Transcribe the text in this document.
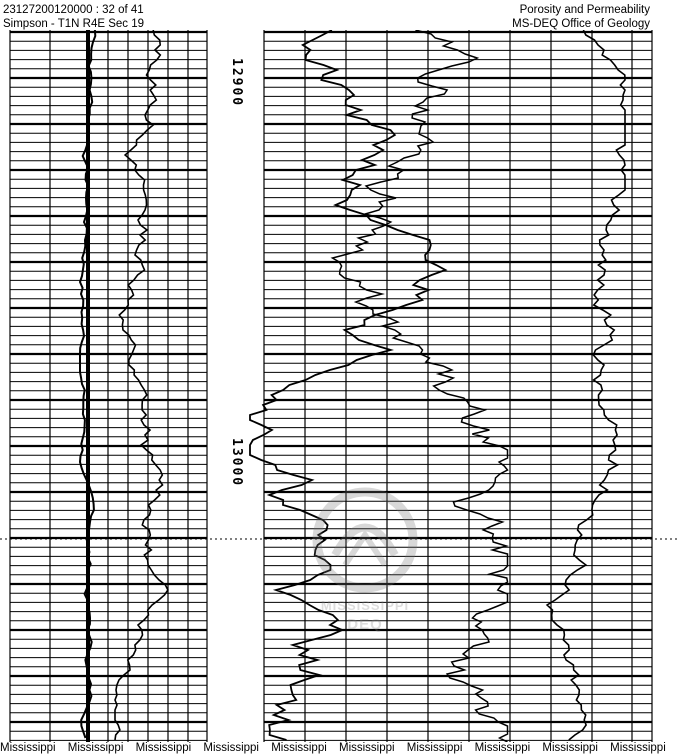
23127200120000 : 32 of 41
Simpson - T1N R4E Sec 19
Porosity and Permeability
MS-DEQ Office of Geology
12900
13000
MISSISSIPPI
DEQ
Mississippi	Mississippi	Mississippi	Mississippi	Mississippi	Mississippi	Mississippi	Mississippi	Mississippi	Mississippi
